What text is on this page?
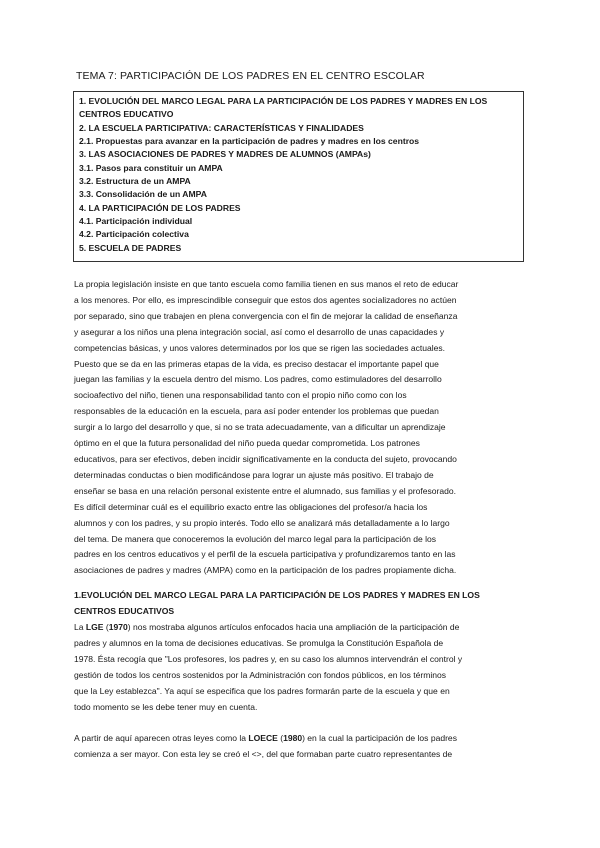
TEMA 7: PARTICIPACIÓN DE LOS PADRES EN EL CENTRO ESCOLAR
1. EVOLUCIÓN DEL MARCO LEGAL PARA LA PARTICIPACIÓN DE LOS PADRES Y MADRES EN LOS CENTROS EDUCATIVO
2. LA ESCUELA PARTICIPATIVA: CARACTERÍSTICAS Y FINALIDADES
2.1. Propuestas para avanzar en la participación de padres y madres en los centros
3. LAS ASOCIACIONES DE PADRES Y MADRES DE ALUMNOS (AMPAs)
3.1. Pasos para constituir un AMPA
3.2. Estructura de un AMPA
3.3. Consolidación de un AMPA
4. LA PARTICIPACIÓN DE LOS PADRES
4.1. Participación individual
4.2. Participación colectiva
5. ESCUELA DE PADRES
La propia legislación insiste en que tanto escuela como familia tienen en sus manos el reto de educar
a los menores. Por ello, es imprescindible conseguir que estos dos agentes socializadores no actúen
por separado, sino que trabajen en plena convergencia con el fin de mejorar la calidad de enseñanza
y asegurar a los niños una plena integración social, así como el desarrollo de unas capacidades y
competencias básicas, y unos valores determinados por los que se rigen las sociedades actuales.
Puesto que se da en las primeras etapas de la vida, es preciso destacar el importante papel que
juegan las familias y la escuela dentro del mismo. Los padres, como estimuladores del desarrollo
socioafectivo del niño, tienen una responsabilidad tanto con el propio niño como con los
responsables de la educación en la escuela, para así poder entender los problemas que puedan
surgir a lo largo del desarrollo y que, si no se trata adecuadamente, van a dificultar un aprendizaje
óptimo en el que la futura personalidad del niño pueda quedar comprometida. Los patrones
educativos, para ser efectivos, deben incidir significativamente en la conducta del sujeto, provocando
determinadas conductas o bien modificándose para lograr un ajuste más positivo. El trabajo de
enseñar se basa en una relación personal existente entre el alumnado, sus familias y el profesorado.
Es difícil determinar cuál es el equilibrio exacto entre las obligaciones del profesor/a hacia los
alumnos y con los padres, y su propio interés. Todo ello se analizará más detalladamente a lo largo
del tema. De manera que conoceremos la evolución del marco legal para la participación de los
padres en los centros educativos y el perfil de la escuela participativa y profundizaremos tanto en las
asociaciones de padres y madres (AMPA) como en la participación de los padres propiamente dicha.
1.EVOLUCIÓN DEL MARCO LEGAL PARA LA PARTICIPACIÓN DE LOS PADRES Y MADRES EN LOS
CENTROS EDUCATIVOS
La LGE (1970) nos mostraba algunos artículos enfocados hacia una ampliación de la participación de
padres y alumnos en la toma de decisiones educativas. Se promulga la Constitución Española de
1978. Ésta recogía que "Los profesores, los padres y, en su caso los alumnos intervendrán el control y
gestión de todos los centros sostenidos por la Administración con fondos públicos, en los términos
que la Ley establezca". Ya aquí se especifica que los padres formarán parte de la escuela y que en
todo momento se les debe tener muy en cuenta.
A partir de aquí aparecen otras leyes como la LOECE (1980) en la cual la participación de los padres
comienza a ser mayor. Con esta ley se creó el <>, del que formaban parte cuatro representantes de
